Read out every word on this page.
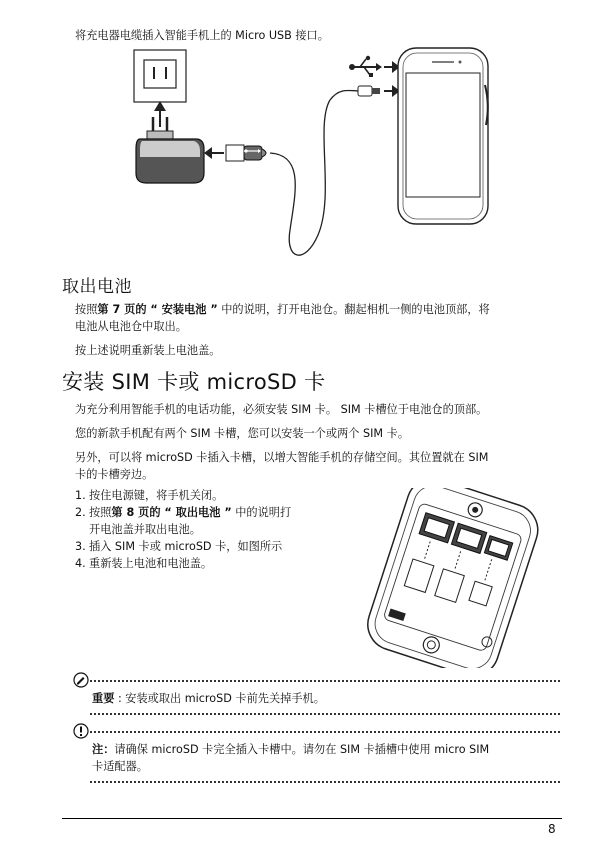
将充电器电缆插入智能手机上的 Micro USB 接口。
取出电池
按照第 7 页的 “ 安装电池 ” 中的说明，打开电池仓。翻起相机一侧的电池顶部，将
电池从电池仓中取出。
按上述说明重新装上电池盖。
安装 SIM 卡或 microSD 卡
为充分利用智能手机的电话功能，必须安装 SIM 卡。 SIM 卡槽位于电池仓的顶部。
您的新款手机配有两个 SIM 卡槽，您可以安装一个或两个 SIM 卡。
另外，可以将 microSD 卡插入卡槽，以增大智能手机的存储空间。其位置就在 SIM
卡的卡槽旁边。
1. 按住电源键，将手机关闭。
2. 按照第 8 页的 “ 取出电池 ” 中的说明打
开电池盖并取出电池。
3. 插入 SIM 卡或 microSD 卡，如图所示
4. 重新装上电池和电池盖。
重要 : 安装或取出 microSD 卡前先关掉手机。
注：请确保 microSD 卡完全插入卡槽中。请勿在 SIM 卡插槽中使用 micro SIM
卡适配器。
8
